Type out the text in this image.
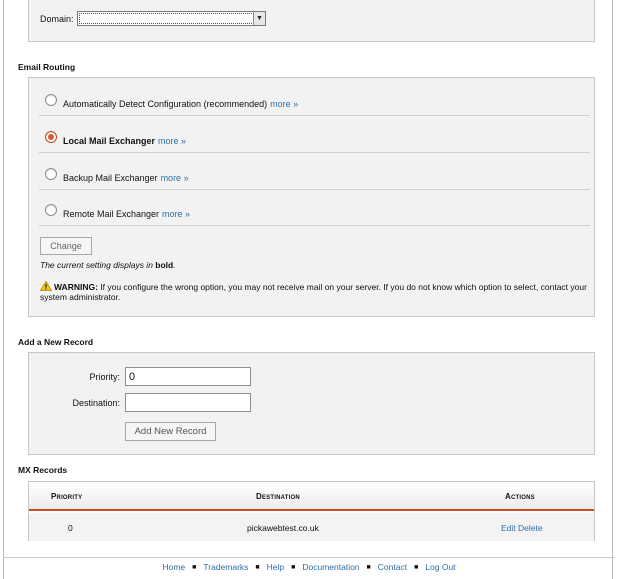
Domain:	▼
Email Routing
Automatically Detect Configuration (recommended) more »
Local Mail Exchanger more »
Backup Mail Exchanger more »
Remote Mail Exchanger more »
Change
The current setting displays in bold.
WARNING: If you configure the wrong option, you may not receive mail on your server. If you do not know which option to select, contact your system administrator.
Add a New Record
Priority:
0
Destination:
Add New Record
MX Records
Priority	Destination	Actions
0	pickawebtest.co.uk	Edit Delete
Home ■ Trademarks ■ Help ■ Documentation ■ Contact ■ Log Out
